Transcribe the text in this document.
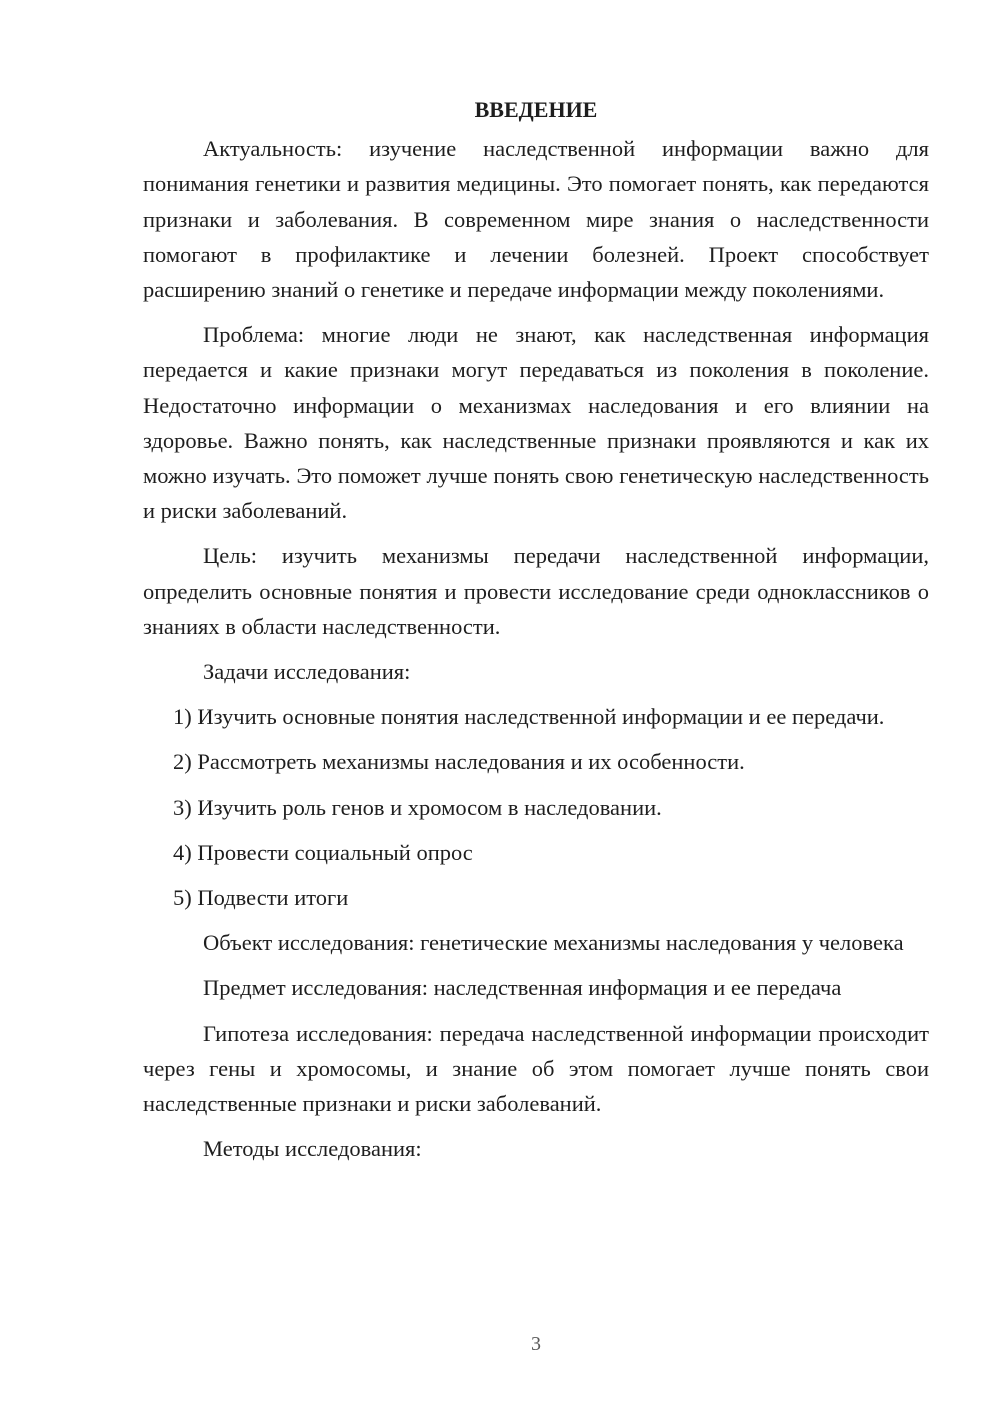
ВВЕДЕНИЕ

Актуальность: изучение наследственной информации важно для понимания генетики и развития медицины. Это помогает понять, как передаются признаки и заболевания. В современном мире знания о наследственности помогают в профилактике и лечении болезней. Проект способствует расширению знаний о генетике и передаче информации между поколениями.

Проблема: многие люди не знают, как наследственная информация передается и какие признаки могут передаваться из поколения в поколение. Недостаточно информации о механизмах наследования и его влиянии на здоровье. Важно понять, как наследственные признаки проявляются и как их можно изучать. Это поможет лучше понять свою генетическую наследственность и риски заболеваний.

Цель: изучить механизмы передачи наследственной информации, определить основные понятия и провести исследование среди одноклассников о знаниях в области наследственности.

Задачи исследования:

1) Изучить основные понятия наследственной информации и ее передачи.

2) Рассмотреть механизмы наследования и их особенности.

3) Изучить роль генов и хромосом в наследовании.

4) Провести социальный опрос

5) Подвести итоги

Объект исследования: генетические механизмы наследования у человека

Предмет исследования: наследственная информация и ее передача

Гипотеза исследования: передача наследственной информации происходит через гены и хромосомы, и знание об этом помогает лучше понять свои наследственные признаки и риски заболеваний.

Методы исследования:

3
